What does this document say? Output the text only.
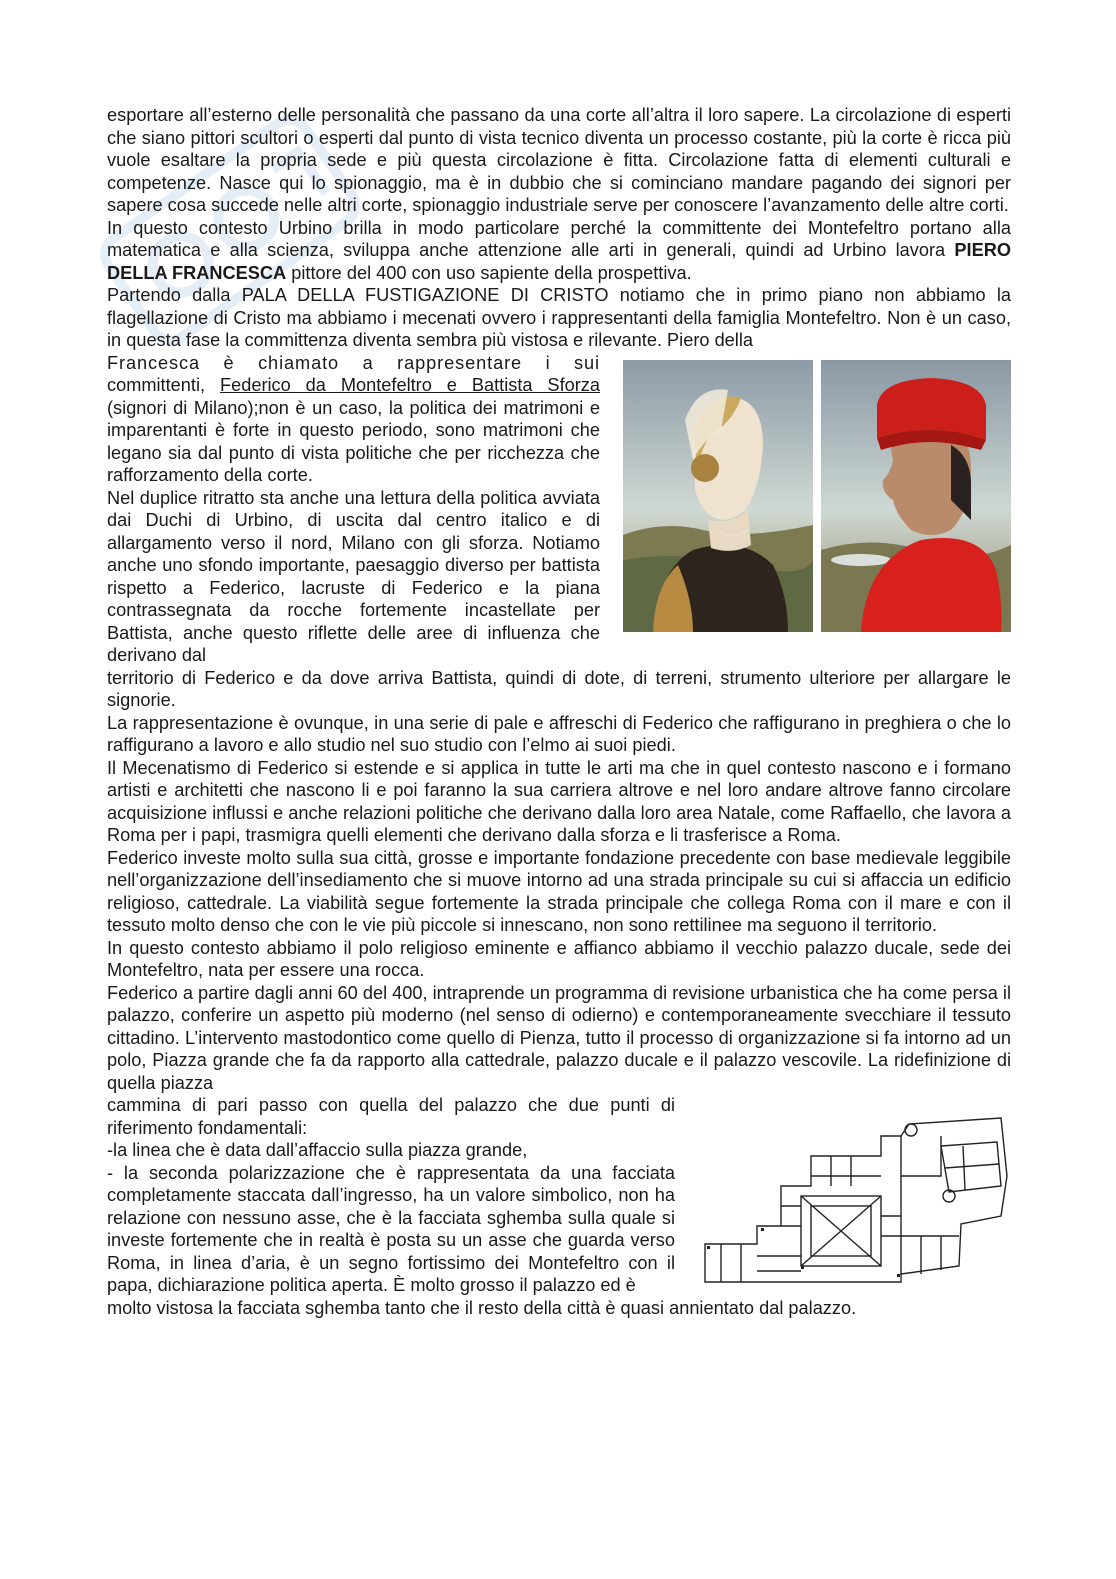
esportare all’esterno delle personalità che passano da una corte all’altra il loro sapere. La circolazione di esperti che siano pittori scultori o esperti dal punto di vista tecnico diventa un processo costante, più la corte è ricca più vuole esaltare la propria sede e più questa circolazione è fitta. Circolazione fatta di elementi culturali e competenze. Nasce qui lo spionaggio, ma è in dubbio che si cominciano mandare pagando dei signori per sapere cosa succede nelle altri corte, spionaggio industriale serve per conoscere l’avanzamento delle altre corti.

In questo contesto Urbino brilla in modo particolare perché la committente dei Montefeltro portano alla matematica e alla scienza, sviluppa anche attenzione alle arti in generali, quindi ad Urbino lavora PIERO DELLA FRANCESCA pittore del 400 con uso sapiente della prospettiva.

Partendo dalla PALA DELLA FUSTIGAZIONE DI CRISTO notiamo che in primo piano non abbiamo la flagellazione di Cristo ma abbiamo i mecenati ovvero i rappresentanti della famiglia Montefeltro. Non è un caso, in questa fase la committenza diventa sembra più vistosa e rilevante. Piero della

Francesca è chiamato a rappresentare i sui

committenti, Federico da Montefeltro e Battista Sforza (signori di Milano);non è un caso, la politica dei matrimoni e imparentanti è forte in questo periodo, sono matrimoni che legano sia dal punto di vista politiche che per ricchezza che rafforzamento della corte.

Nel duplice ritratto sta anche una lettura della politica avviata dai Duchi di Urbino, di uscita dal centro italico e di allargamento verso il nord, Milano con gli sforza. Notiamo anche uno sfondo importante, paesaggio diverso per battista rispetto a Federico, lacruste di Federico e la piana contrassegnata da rocche fortemente incastellate per Battista, anche questo riflette delle aree di influenza che derivano dal

territorio di Federico e da dove arriva Battista, quindi di dote, di terreni, strumento ulteriore per allargare le signorie.

La rappresentazione è ovunque, in una serie di pale e affreschi di Federico che raffigurano in preghiera o che lo raffigurano a lavoro e allo studio nel suo studio con l’elmo ai suoi piedi.

Il Mecenatismo di Federico si estende e si applica in tutte le arti ma che in quel contesto nascono e i formano artisti e architetti che nascono li e poi faranno la sua carriera altrove e nel loro andare altrove fanno circolare acquisizione influssi e anche relazioni politiche che derivano dalla loro area Natale, come Raffaello, che lavora a Roma per i papi, trasmigra quelli elementi che derivano dalla sforza e li trasferisce a Roma.

Federico investe molto sulla sua città, grosse e importante fondazione precedente con base medievale leggibile nell’organizzazione dell’insediamento che si muove intorno ad una strada principale su cui si affaccia un edificio religioso, cattedrale. La viabilità segue fortemente la strada principale che collega Roma con il mare e con il tessuto molto denso che con le vie più piccole si innescano, non sono rettilinee ma seguono il territorio.

In questo contesto abbiamo il polo religioso eminente e affianco abbiamo il vecchio palazzo ducale, sede dei Montefeltro, nata per essere una rocca.

Federico a partire dagli anni 60 del 400, intraprende un programma di revisione urbanistica che ha come persa il palazzo, conferire un aspetto più moderno (nel senso di odierno) e contemporaneamente svecchiare il tessuto cittadino. L’intervento mastodontico come quello di Pienza, tutto il processo di organizzazione si fa intorno ad un polo, Piazza grande che fa da rapporto alla cattedrale, palazzo ducale e il palazzo vescovile. La ridefinizione di quella piazza

cammina di pari passo con quella del palazzo che due punti di riferimento fondamentali:

-la linea che è data dall’affaccio sulla piazza grande,

- la seconda polarizzazione che è rappresentata da una facciata completamente staccata dall’ingresso, ha un valore simbolico, non ha relazione con nessuno asse, che è la facciata sghemba sulla quale si investe fortemente che in realtà è posta su un asse che guarda verso Roma, in linea d’aria, è un segno fortissimo dei Montefeltro con il papa, dichiarazione politica aperta. È molto grosso il palazzo ed è

molto vistosa la facciata sghemba tanto che il resto della città è quasi annientato dal palazzo.
